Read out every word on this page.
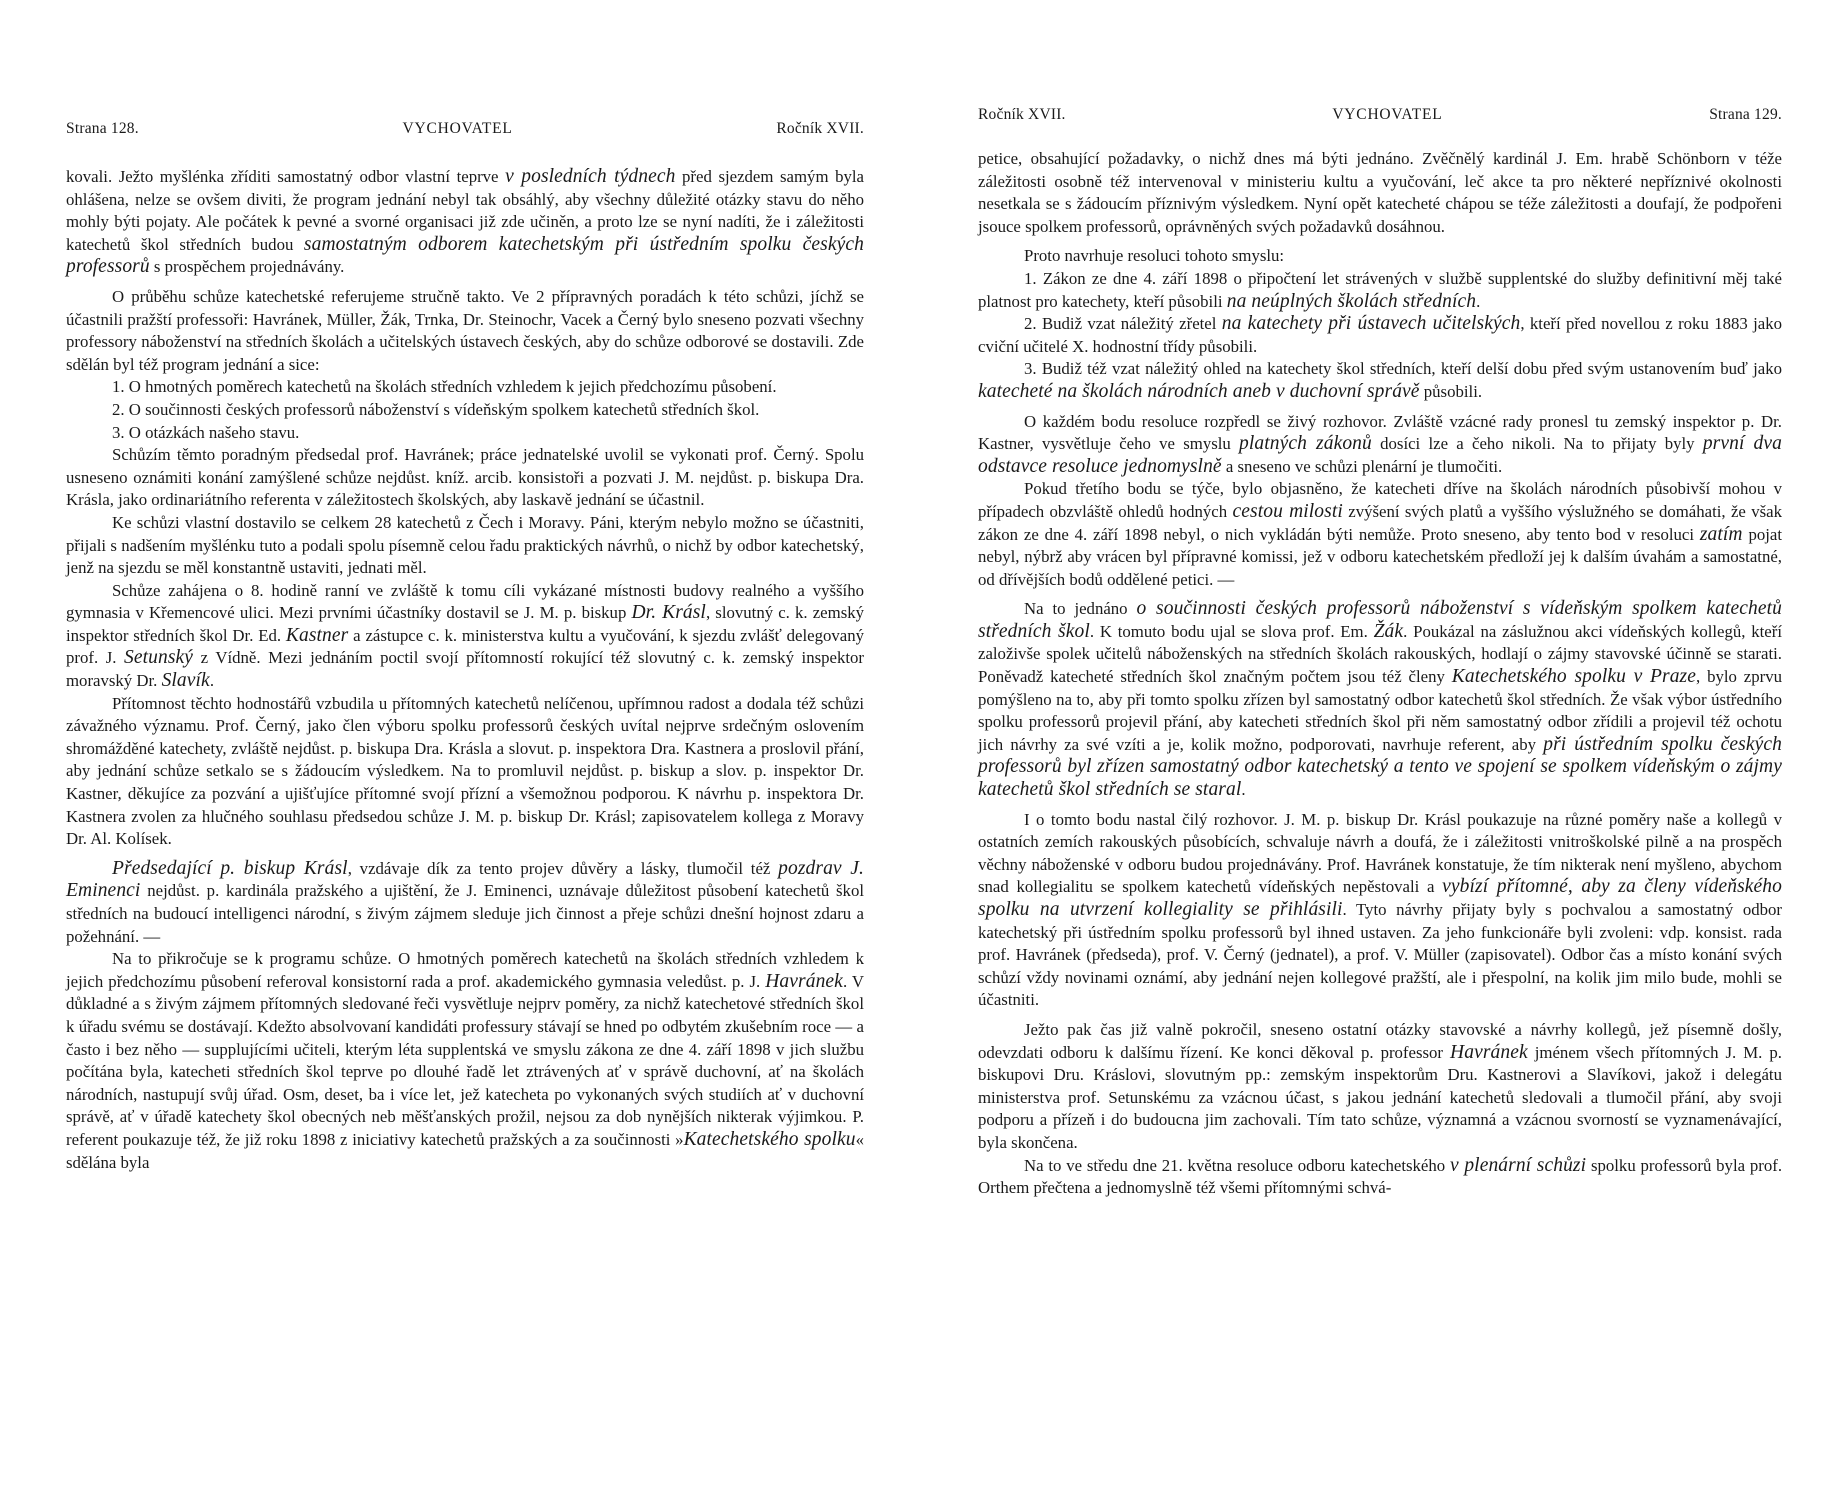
Strana 128.	VYCHOVATEL	Ročník XVII.

kovali. Ježto myšlénka zříditi samostatný odbor vlastní teprve v posledních týdnech před sjezdem samým byla ohlášena, nelze se ovšem diviti, že program jednání nebyl tak obsáhlý, aby všechny důležité otázky stavu do něho mohly býti pojaty. Ale počátek k pevné a svorné organisaci již zde učiněn, a proto lze se nyní nadíti, že i záležitosti katechetů škol středních budou samostatným odborem katechetským při ústředním spolku českých professorů s prospěchem projednávány.

O průběhu schůze katechetské referujeme stručně takto. Ve 2 přípravných poradách k této schůzi, jíchž se účastnili pražští professoři: Havránek, Müller, Žák, Trnka, Dr. Steinochr, Vacek a Černý bylo sneseno pozvati všechny professory náboženství na středních školách a učitelských ústavech českých, aby do schůze odborové se dostavili. Zde sdělán byl též program jednání a sice:

1. O hmotných poměrech katechetů na školách středních vzhledem k jejich předchozímu působení.

2. O součinnosti českých professorů náboženství s vídeňským spolkem katechetů středních škol.

3. O otázkách našeho stavu.

Schůzím těmto poradným předsedal prof. Havránek; práce jednatelské uvolil se vykonati prof. Černý. Spolu usneseno oznámiti konání zamýšlené schůze nejdůst. kníž. arcib. konsistoři a pozvati J. M. nejdůst. p. biskupa Dra. Krásla, jako ordinariátního referenta v záležitostech školských, aby laskavě jednání se účastnil.

Ke schůzi vlastní dostavilo se celkem 28 katechetů z Čech i Moravy. Páni, kterým nebylo možno se účastniti, přijali s nadšením myšlénku tuto a podali spolu písemně celou řadu praktických návrhů, o nichž by odbor katechetský, jenž na sjezdu se měl konstantně ustaviti, jednati měl.

Schůze zahájena o 8. hodině ranní ve zvláště k tomu cíli vykázané místnosti budovy realného a vyššího gymnasia v Křemencové ulici. Mezi prvními účastníky dostavil se J. M. p. biskup Dr. Krásl, slovutný c. k. zemský inspektor středních škol Dr. Ed. Kastner a zástupce c. k. ministerstva kultu a vyučování, k sjezdu zvlášť delegovaný prof. J. Setunský z Vídně. Mezi jednáním poctil svojí přítomností rokující též slovutný c. k. zemský inspektor moravský Dr. Slavík.

Přítomnost těchto hodnostářů vzbudila u přítomných katechetů nelíčenou, upřímnou radost a dodala též schůzi závažného významu. Prof. Černý, jako člen výboru spolku professorů českých uvítal nejprve srdečným oslovením shromážděné katechety, zvláště nejdůst. p. biskupa Dra. Krásla a slovut. p. inspektora Dra. Kastnera a proslovil přání, aby jednání schůze setkalo se s žádoucím výsledkem. Na to promluvil nejdůst. p. biskup a slov. p. inspektor Dr. Kastner, děkujíce za pozvání a ujišťujíce přítomné svojí přízní a všemožnou podporou. K návrhu p. inspektora Dr. Kastnera zvolen za hlučného souhlasu předsedou schůze J. M. p. biskup Dr. Krásl; zapisovatelem kollega z Moravy Dr. Al. Kolísek.

Předsedající p. biskup Krásl, vzdávaje dík za tento projev důvěry a lásky, tlumočil též pozdrav J. Eminenci nejdůst. p. kardinála pražského a ujištění, že J. Eminenci, uznávaje důležitost působení katechetů škol středních na budoucí intelligenci národní, s živým zájmem sleduje jich činnost a přeje schůzi dnešní hojnost zdaru a požehnání. —

Na to přikročuje se k programu schůze. O hmotných poměrech katechetů na školách středních vzhledem k jejich předchozímu působení referoval konsistorní rada a prof. akademického gymnasia veledůst. p. J. Havránek. V důkladné a s živým zájmem přítomných sledované řeči vysvětluje nejprv poměry, za nichž katechetové středních škol k úřadu svému se dostávají. Kdežto absolvovaní kandidáti professury stávají se hned po odbytém zkušebním roce — a často i bez něho — supplujícími učiteli, kterým léta supplentská ve smyslu zákona ze dne 4. září 1898 v jich službu počítána byla, katecheti středních škol teprve po dlouhé řadě let ztrávených ať v správě duchovní, ať na školách národních, nastupují svůj úřad. Osm, deset, ba i více let, jež katecheta po vykonaných svých studiích ať v duchovní správě, ať v úřadě katechety škol obecných neb měšťanských prožil, nejsou za dob nynějších nikterak výjimkou. P. referent poukazuje též, že již roku 1898 z iniciativy katechetů pražských a za součinnosti »Katechetského spolku« sdělána byla

Ročník XVII.	VYCHOVATEL	Strana 129.

petice, obsahující požadavky, o nichž dnes má býti jednáno. Zvěčnělý kardinál J. Em. hrabě Schönborn v téže záležitosti osobně též intervenoval v ministeriu kultu a vyučování, leč akce ta pro některé nepříznivé okolnosti nesetkala se s žádoucím příznivým výsledkem. Nyní opět katecheté chápou se téže záležitosti a doufají, že podpořeni jsouce spolkem professorů, oprávněných svých požadavků dosáhnou.

Proto navrhuje resoluci tohoto smyslu:

1. Zákon ze dne 4. září 1898 o připočtení let strávených v službě supplentské do služby definitivní měj také platnost pro katechety, kteří působili na neúplných školách středních.

2. Budiž vzat náležitý zřetel na katechety při ústavech učitelských, kteří před novellou z roku 1883 jako cviční učitelé X. hodnostní třídy působili.

3. Budiž též vzat náležitý ohled na katechety škol středních, kteří delší dobu před svým ustanovením buď jako katecheté na školách národních aneb v duchovní správě působili.

O každém bodu resoluce rozpředl se živý rozhovor. Zvláště vzácné rady pronesl tu zemský inspektor p. Dr. Kastner, vysvětluje čeho ve smyslu platných zákonů dosíci lze a čeho nikoli. Na to přijaty byly první dva odstavce resoluce jednomyslně a sneseno ve schůzi plenární je tlumočiti.

Pokud třetího bodu se týče, bylo objasněno, že katecheti dříve na školách národních působivší mohou v případech obzvláště ohledů hodných cestou milosti zvýšení svých platů a vyššího výslužného se domáhati, že však zákon ze dne 4. září 1898 nebyl, o nich vykládán býti nemůže. Proto sneseno, aby tento bod v resoluci zatím pojat nebyl, nýbrž aby vrácen byl přípravné komissi, jež v odboru katechetském předloží jej k dalším úvahám a samostatné, od dřívějších bodů oddělené petici. —

Na to jednáno o součinnosti českých professorů náboženství s vídeňským spolkem katechetů středních škol. K tomuto bodu ujal se slova prof. Em. Žák. Poukázal na záslužnou akci vídeňských kollegů, kteří založivše spolek učitelů náboženských na středních školách rakouských, hodlají o zájmy stavovské účinně se starati. Poněvadž katecheté středních škol značným počtem jsou též členy Katechetského spolku v Praze, bylo zprvu pomýšleno na to, aby při tomto spolku zřízen byl samostatný odbor katechetů škol středních. Že však výbor ústředního spolku professorů projevil přání, aby katecheti středních škol při něm samostatný odbor zřídili a projevil též ochotu jich návrhy za své vzíti a je, kolik možno, podporovati, navrhuje referent, aby při ústředním spolku českých professorů byl zřízen samostatný odbor katechetský a tento ve spojení se spolkem vídeňským o zájmy katechetů škol středních se staral.

I o tomto bodu nastal čilý rozhovor. J. M. p. biskup Dr. Krásl poukazuje na různé poměry naše a kollegů v ostatních zemích rakouských působících, schvaluje návrh a doufá, že i záležitosti vnitroškolské pilně a na prospěch věchny náboženské v odboru budou projednávány. Prof. Havránek konstatuje, že tím nikterak není myšleno, abychom snad kollegialitu se spolkem katechetů vídeňských nepěstovali a vybízí přítomné, aby za členy vídeňského spolku na utvrzení kollegiality se přihlásili. Tyto návrhy přijaty byly s pochvalou a samostatný odbor katechetský při ústředním spolku professorů byl ihned ustaven. Za jeho funkcionáře byli zvoleni: vdp. konsist. rada prof. Havránek (předseda), prof. V. Černý (jednatel), a prof. V. Müller (zapisovatel). Odbor čas a místo konání svých schůzí vždy novinami oznámí, aby jednání nejen kollegové pražští, ale i přespolní, na kolik jim milo bude, mohli se účastniti.

Ježto pak čas již valně pokročil, sneseno ostatní otázky stavovské a návrhy kollegů, jež písemně došly, odevzdati odboru k dalšímu řízení. Ke konci děkoval p. professor Havránek jménem všech přítomných J. M. p. biskupovi Dru. Kráslovi, slovutným pp.: zemským inspektorům Dru. Kastnerovi a Slavíkovi, jakož i delegátu ministerstva prof. Setunskému za vzácnou účast, s jakou jednání katechetů sledovali a tlumočil přání, aby svoji podporu a přízeň i do budoucna jim zachovali. Tím tato schůze, významná a vzácnou svorností se vyznamenávající, byla skončena.

Na to ve středu dne 21. května resoluce odboru katechetského v plenární schůzi spolku professorů byla prof. Orthem přečtena a jednomyslně též všemi přítomnými schvá-
